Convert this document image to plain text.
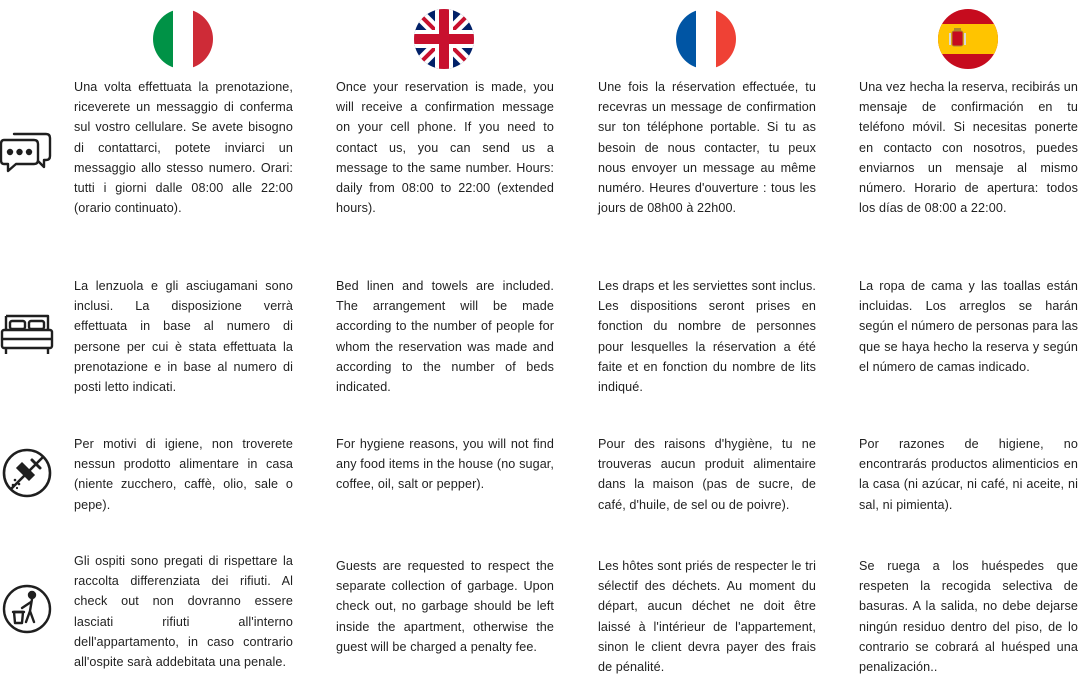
Una volta effettuata la prenotazione, riceverete un messaggio di conferma sul vostro cellulare. Se avete bisogno di contattarci, potete inviarci un messaggio allo stesso numero. Orari: tutti i giorni dalle 08:00 alle 22:00 (orario continuato).

Once your reservation is made, you will receive a confirmation message on your cell phone. If you need to contact us, you can send us a message to the same number. Hours: daily from 08:00 to 22:00 (extended hours).

Une fois la réservation effectuée, tu recevras un message de confirmation sur ton téléphone portable. Si tu as besoin de nous contacter, tu peux nous envoyer un message au même numéro. Heures d'ouverture : tous les jours de 08h00 à 22h00.

Una vez hecha la reserva, recibirás un mensaje de confirmación en tu teléfono móvil. Si necesitas ponerte en contacto con nosotros, puedes enviarnos un mensaje al mismo número. Horario de apertura: todos los días de 08:00 a 22:00.

La lenzuola e gli asciugamani sono inclusi. La disposizione verrà effettuata in base al numero di persone per cui è stata effettuata la prenotazione e in base al numero di posti letto indicati.

Bed linen and towels are included. The arrangement will be made according to the number of people for whom the reservation was made and according to the number of beds indicated.

Les draps et les serviettes sont inclus. Les dispositions seront prises en fonction du nombre de personnes pour lesquelles la réservation a été faite et en fonction du nombre de lits indiqué.

La ropa de cama y las toallas están incluidas. Los arreglos se harán según el número de personas para las que se haya hecho la reserva y según el número de camas indicado.

Per motivi di igiene, non troverete nessun prodotto alimentare in casa (niente zucchero, caffè, olio, sale o pepe).

For hygiene reasons, you will not find any food items in the house (no sugar, coffee, oil, salt or pepper).

Pour des raisons d'hygiène, tu ne trouveras aucun produit alimentaire dans la maison (pas de sucre, de café, d'huile, de sel ou de poivre).

Por razones de higiene, no encontrarás productos alimenticios en la casa (ni azúcar, ni café, ni aceite, ni sal, ni pimienta).

Gli ospiti sono pregati di rispettare la raccolta differenziata dei rifiuti. Al check out non dovranno essere lasciati rifiuti all'interno dell'appartamento, in caso contrario all'ospite sarà addebitata una penale.

Guests are requested to respect the separate collection of garbage. Upon check out, no garbage should be left inside the apartment, otherwise the guest will be charged a penalty fee.

Les hôtes sont priés de respecter le tri sélectif des déchets. Au moment du départ, aucun déchet ne doit être laissé à l'intérieur de l'appartement, sinon le client devra payer des frais de pénalité.

Se ruega a los huéspedes que respeten la recogida selectiva de basuras. A la salida, no debe dejarse ningún residuo dentro del piso, de lo contrario se cobrará al huésped una penalización..
